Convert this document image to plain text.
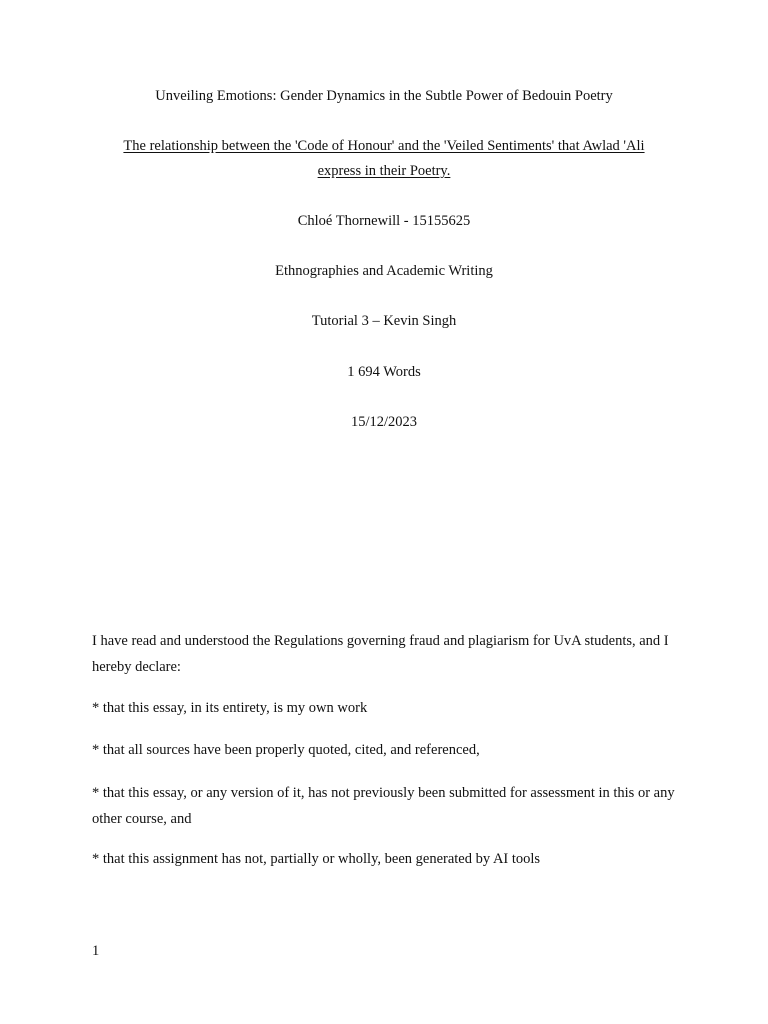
Unveiling Emotions: Gender Dynamics in the Subtle Power of Bedouin Poetry
The relationship between the 'Code of Honour' and the 'Veiled Sentiments' that Awlad 'Ali express in their Poetry.
Chloé Thornewill - 15155625
Ethnographies and Academic Writing
Tutorial 3 – Kevin Singh
1 694 Words
15/12/2023
I have read and understood the Regulations governing fraud and plagiarism for UvA students, and I hereby declare:
* that this essay, in its entirety, is my own work
* that all sources have been properly quoted, cited, and referenced,
* that this essay, or any version of it, has not previously been submitted for assessment in this or any other course, and
* that this assignment has not, partially or wholly, been generated by AI tools
1
